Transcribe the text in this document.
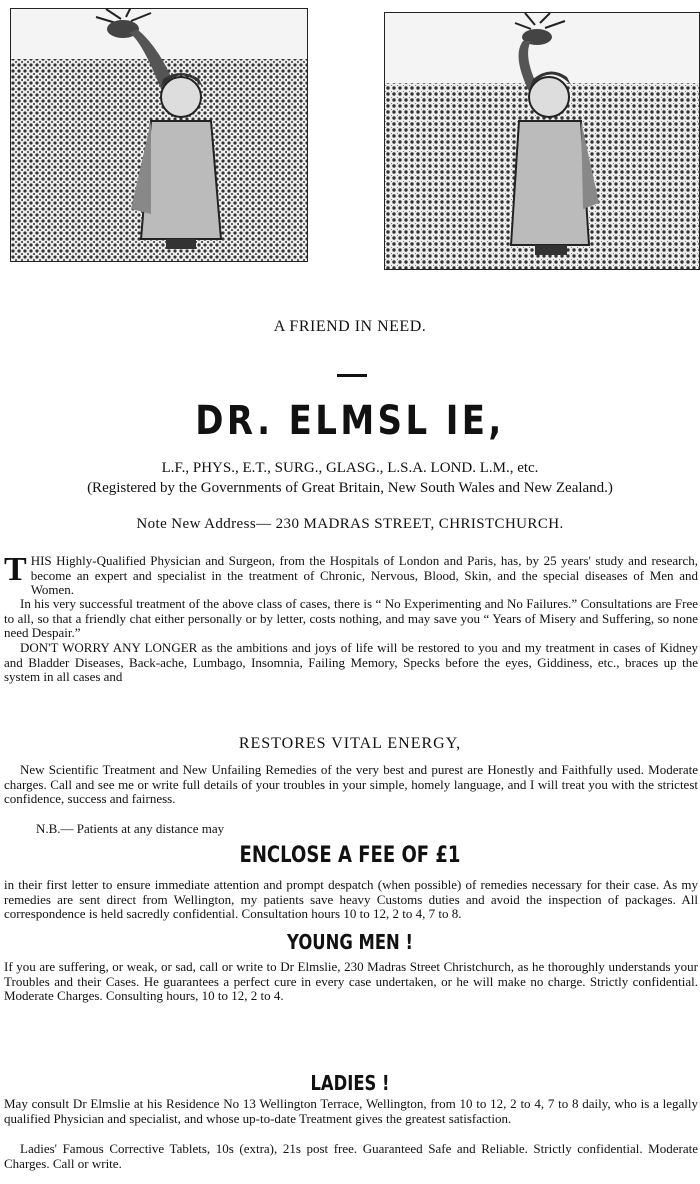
A FRIEND IN NEED.
DR. ELMSL IE,
L.F., PHYS., E.T., SURG., GLASG., L.S.A. LOND. L.M., etc.
(Registered by the Governments of Great Britain, New South Wales and New Zealand.)
Note New Address— 230 MADRAS STREET, CHRISTCHURCH.

THIS Highly-Qualified Physician and Surgeon, from the Hospitals of London and Paris, has, by 25 years' study and research, become an expert and specialist in the treatment of Chronic, Nervous, Blood, Skin, and the special diseases of Men and Women.

In his very successful treatment of the above class of cases, there is “ No Experimenting and No Failures.” Consultations are Free to all, so that a friendly chat either personally or by letter, costs nothing, and may save you “ Years of Misery and Suffering, so none need Despair.”

DON'T WORRY ANY LONGER as the ambitions and joys of life will be restored to you and my treatment in cases of Kidney and Bladder Diseases, Back-ache, Lumbago, Insomnia, Failing Memory, Specks before the eyes, Giddiness, etc., braces up the system in all cases and

RESTORES VITAL ENERGY,

New Scientific Treatment and New Unfailing Remedies of the very best and purest are Honestly and Faithfully used. Moderate charges. Call and see me or write full details of your troubles in your simple, homely language, and I will treat you with the strictest confidence, success and fairness.

N.B.— Patients at any distance may

ENCLOSE A FEE OF £1

in their first letter to ensure immediate attention and prompt despatch (when possible) of remedies necessary for their case. As my remedies are sent direct from Wellington, my patients save heavy Customs duties and avoid the inspection of packages. All correspondence is held sacredly confidential. Consultation hours 10 to 12, 2 to 4, 7 to 8.

YOUNG MEN !

If you are suffering, or weak, or sad, call or write to Dr Elmslie, 230 Madras Street Christchurch, as he thoroughly understands your Troubles and their Cases. He guarantees a perfect cure in every case undertaken, or he will make no charge. Strictly confidential. Moderate Charges. Consulting hours, 10 to 12, 2 to 4.

LADIES !

May consult Dr Elmslie at his Residence No 13 Wellington Terrace, Wellington, from 10 to 12, 2 to 4, 7 to 8 daily, who is a legally qualified Physician and specialist, and whose up-to-date Treatment gives the greatest satisfaction.

Ladies' Famous Corrective Tablets, 10s (extra), 21s post free. Guaranteed Safe and Reliable. Strictly confidential. Moderate Charges. Call or write.
